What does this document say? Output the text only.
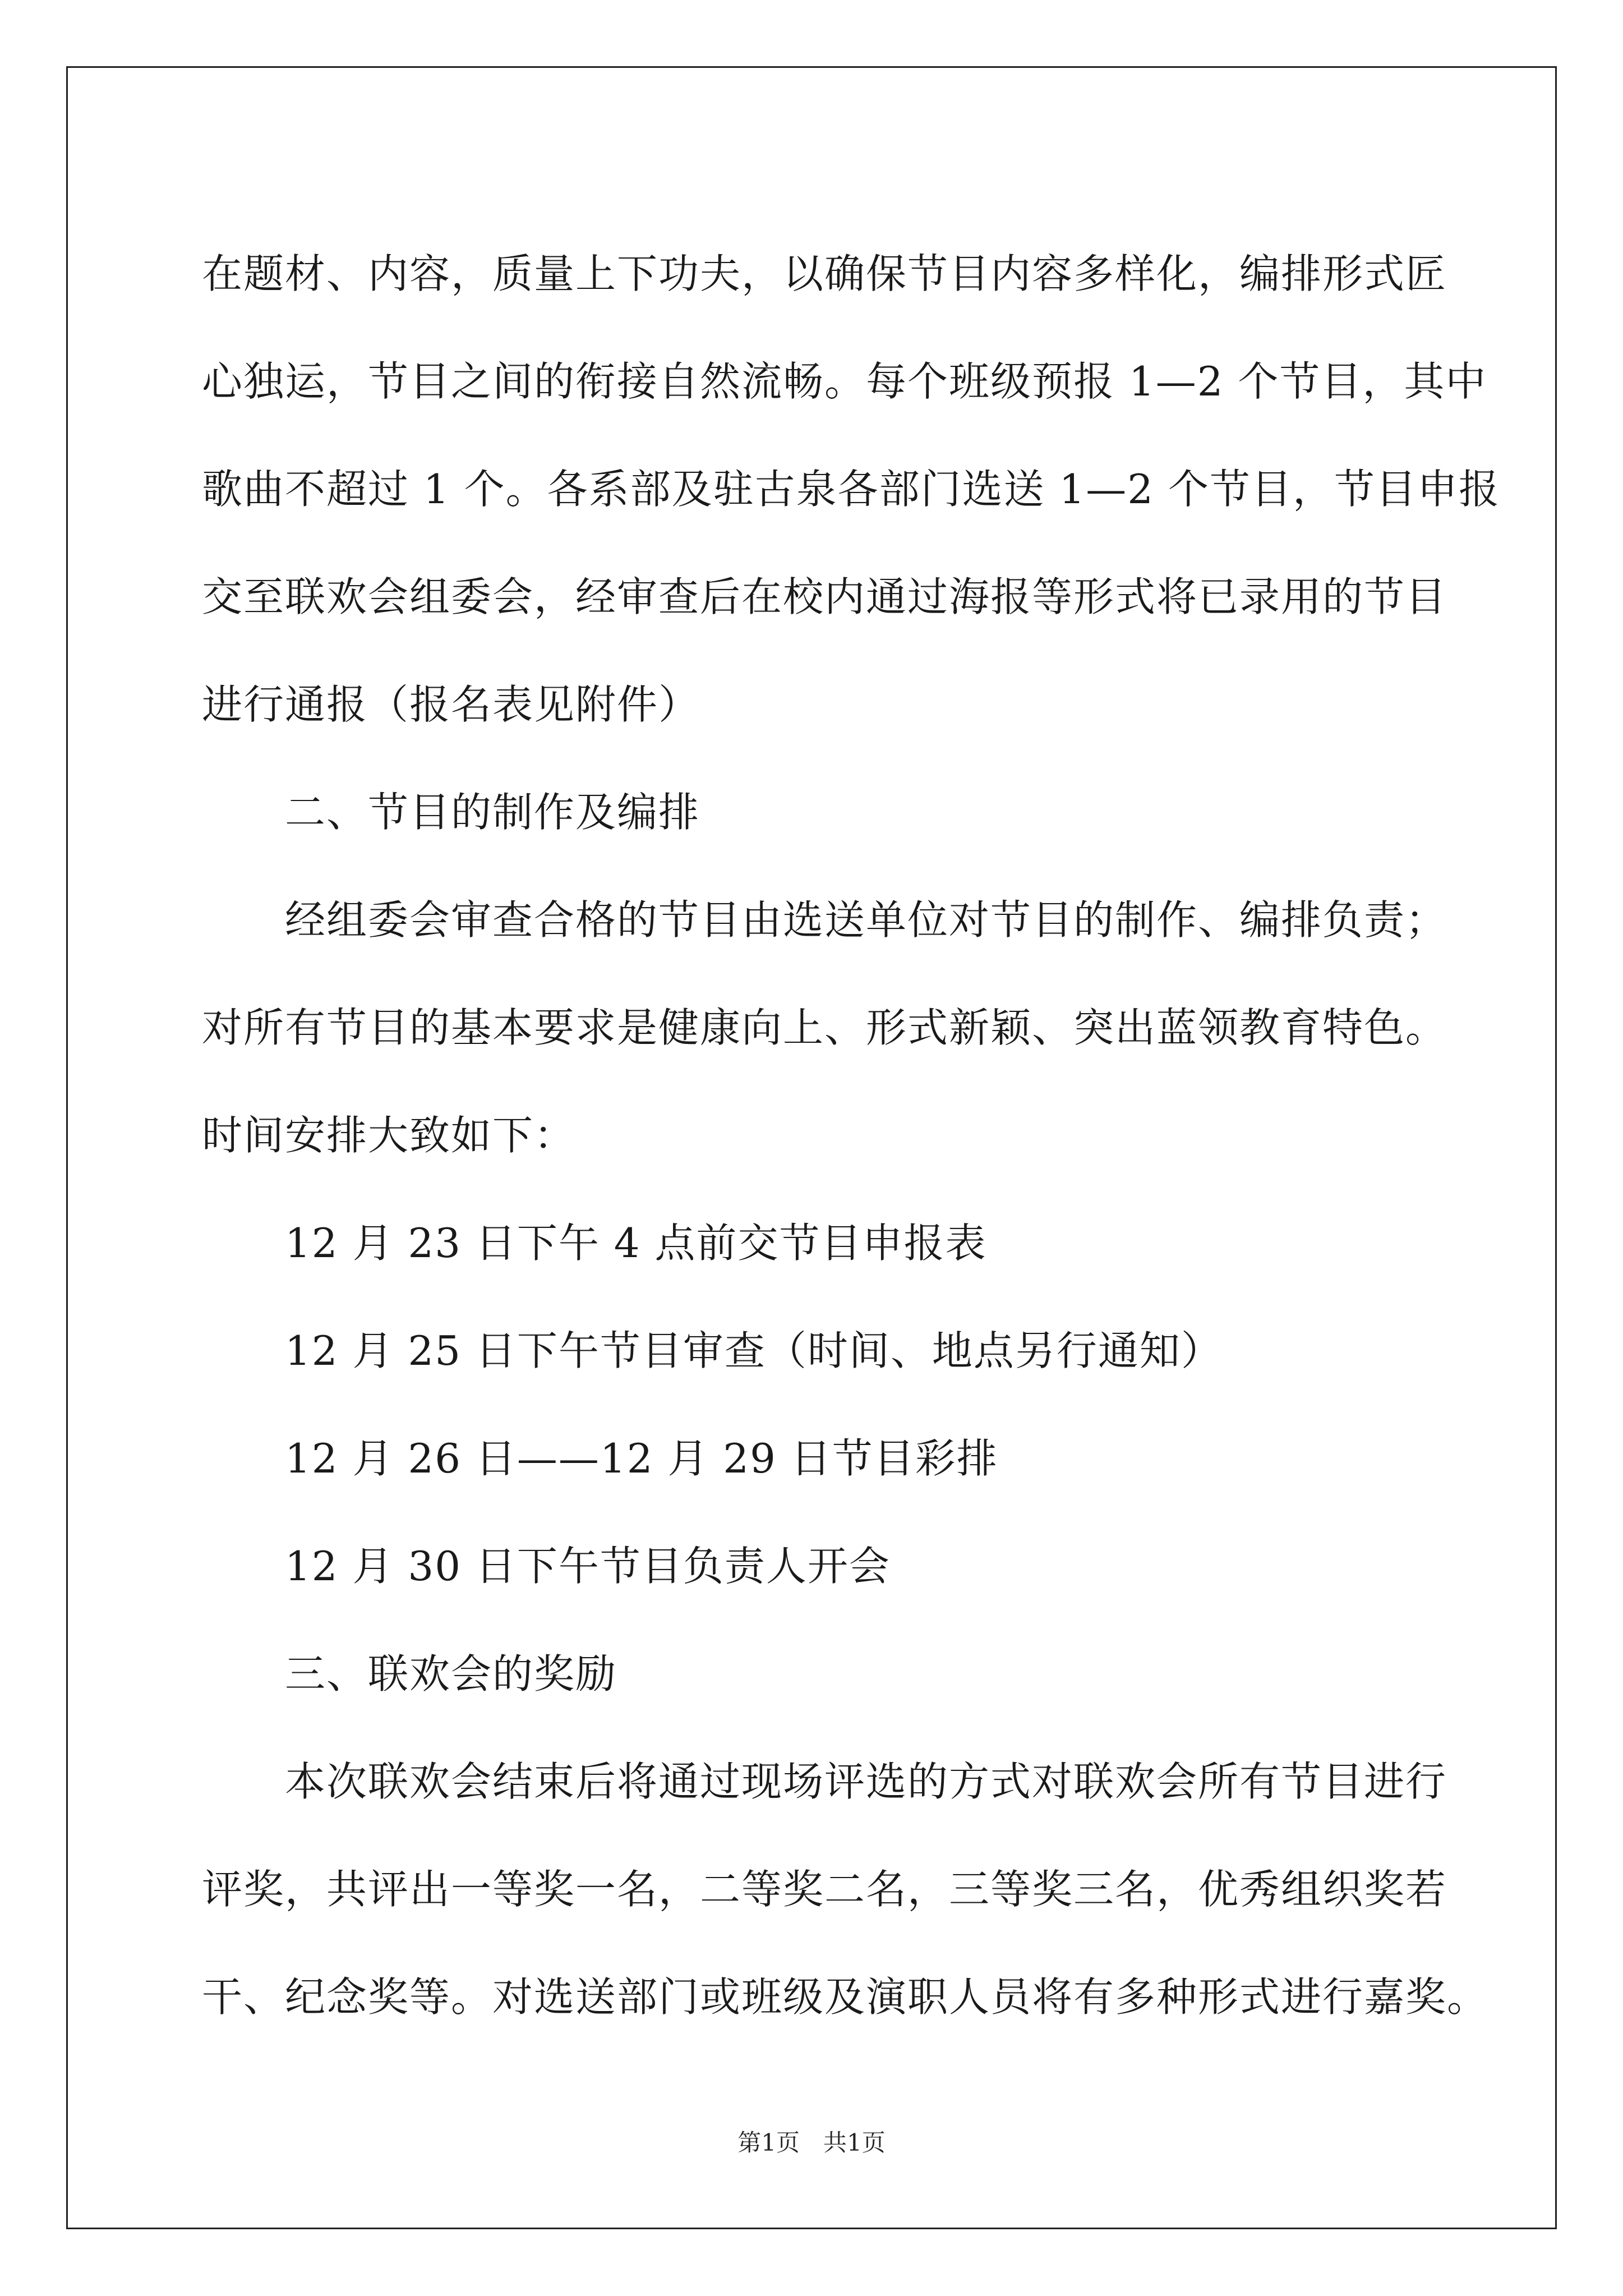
在题材、内容，质量上下功夫，以确保节目内容多样化，编排形式匠
心独运，节目之间的衔接自然流畅。每个班级预报 1—2 个节目，其中
歌曲不超过 1 个。各系部及驻古泉各部门选送 1—2 个节目，节目申报
交至联欢会组委会，经审查后在校内通过海报等形式将已录用的节目
进行通报（报名表见附件）
二、节目的制作及编排
经组委会审查合格的节目由选送单位对节目的制作、编排负责；
对所有节目的基本要求是健康向上、形式新颖、突出蓝领教育特色。
时间安排大致如下：
12 月 23 日下午 4 点前交节目申报表
12 月 25 日下午节目审查（时间、地点另行通知）
12 月 26 日——12 月 29 日节目彩排
12 月 30 日下午节目负责人开会
三、联欢会的奖励
本次联欢会结束后将通过现场评选的方式对联欢会所有节目进行
评奖，共评出一等奖一名，二等奖二名，三等奖三名，优秀组织奖若
干、纪念奖等。对选送部门或班级及演职人员将有多种形式进行嘉奖。
第1页 共1页
